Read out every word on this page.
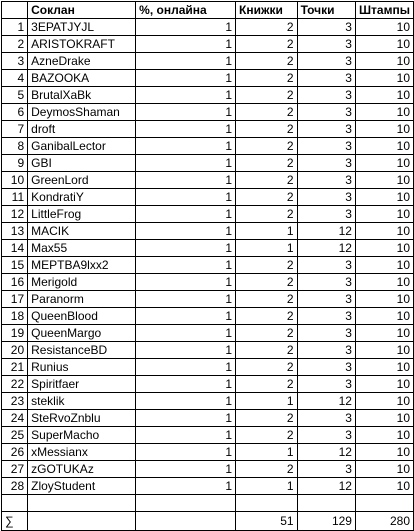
	Соклан	%, онлайна	Книжки	Точки	Штампы
1	3EPATJYJL	1	2	3	10
2	ARISTOKRAFT	1	2	3	10
3	AzneDrake	1	2	3	10
4	BAZOOKA	1	2	3	10
5	BrutalXaBk	1	2	3	10
6	DeymosShaman	1	2	3	10
7	droft	1	2	3	10
8	GanibalLector	1	2	3	10
9	GBI	1	2	3	10
10	GreenLord	1	2	3	10
11	KondratiY	1	2	3	10
12	LittleFrog	1	2	3	10
13	MACIK	1	1	12	10
14	Max55	1	1	12	10
15	MEPTBA9lxx2	1	2	3	10
16	Merigold	1	2	3	10
17	Paranorm	1	2	3	10
18	QueenBlood	1	2	3	10
19	QueenMargo	1	2	3	10
20	ResistanceBD	1	2	3	10
21	Runius	1	2	3	10
22	Spiritfaer	1	2	3	10
23	steklik	1	1	12	10
24	SteRvoZnblu	1	2	3	10
25	SuperMacho	1	2	3	10
26	xMessianx	1	1	12	10
27	zGOTUKAz	1	2	3	10
28	ZloyStudent	1	1	12	10

∑			51	129	280
